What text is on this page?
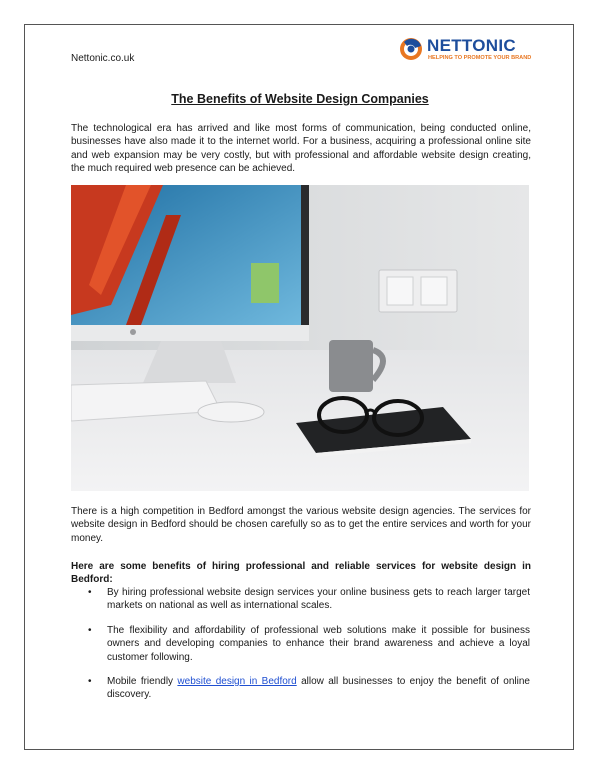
Nettonic.co.uk
NETTONIC
HELPING TO PROMOTE YOUR BRAND
The Benefits of Website Design Companies

The technological era has arrived and like most forms of communication, being conducted online, businesses have also made it to the internet world. For a business, acquiring a professional online site and web expansion may be very costly, but with professional and affordable website design creating, the much required web presence can be achieved.

There is a high competition in Bedford amongst the various website design agencies. The services for website design in Bedford should be chosen carefully so as to get the entire services and worth for your money.

Here are some benefits of hiring professional and reliable services for website design in Bedford:

• By hiring professional website design services your online business gets to reach larger target markets on national as well as international scales.
• The flexibility and affordability of professional web solutions make it possible for business owners and developing companies to enhance their brand awareness and achieve a loyal customer following.
• Mobile friendly website design in Bedford allow all businesses to enjoy the benefit of online discovery.
